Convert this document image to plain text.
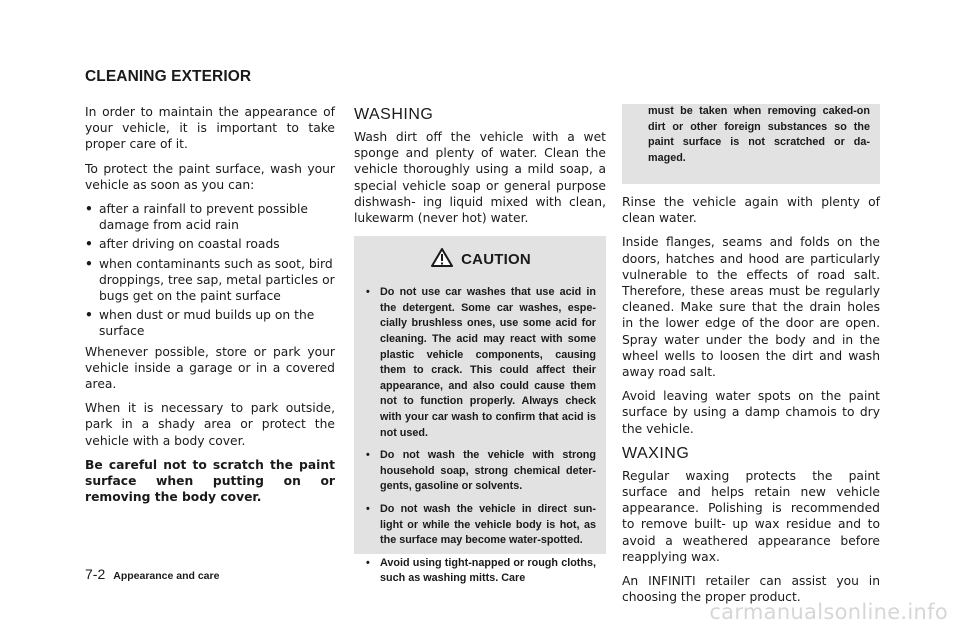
CLEANING EXTERIOR

In order to maintain the appearance of your vehicle, it is important to take proper care of it.

To protect the paint surface, wash your vehicle as soon as you can:

• after a rainfall to prevent possible damage from acid rain
• after driving on coastal roads
• when contaminants such as soot, bird droppings, tree sap, metal particles or bugs get on the paint surface
• when dust or mud builds up on the surface

Whenever possible, store or park your vehicle inside a garage or in a covered area.

When it is necessary to park outside, park in a shady area or protect the vehicle with a body cover.

Be careful not to scratch the paint surface when putting on or removing the body cover.

WASHING

Wash dirt off the vehicle with a wet sponge and plenty of water. Clean the vehicle thoroughly using a mild soap, a special vehicle soap or general purpose dishwash- ing liquid mixed with clean, lukewarm (never hot) water.

CAUTION
• Do not use car washes that use acid in the detergent. Some car washes, espe- cially brushless ones, use some acid for cleaning. The acid may react with some plastic vehicle components, causing them to crack. This could affect their appearance, and also could cause them not to function properly. Always check with your car wash to confirm that acid is not used.
• Do not wash the vehicle with strong household soap, strong chemical deter- gents, gasoline or solvents.
• Do not wash the vehicle in direct sun- light or while the vehicle body is hot, as the surface may become water-spotted.
• Avoid using tight-napped or rough cloths, such as washing mitts. Care
must be taken when removing caked-on dirt or other foreign substances so the paint surface is not scratched or da- maged.

Rinse the vehicle again with plenty of clean water.

Inside flanges, seams and folds on the doors, hatches and hood are particularly vulnerable to the effects of road salt. Therefore, these areas must be regularly cleaned. Make sure that the drain holes in the lower edge of the door are open. Spray water under the body and in the wheel wells to loosen the dirt and wash away road salt.

Avoid leaving water spots on the paint surface by using a damp chamois to dry the vehicle.

WAXING

Regular waxing protects the paint surface and helps retain new vehicle appearance. Polishing is recommended to remove built- up wax residue and to avoid a weathered appearance before reapplying wax.

An INFINITI retailer can assist you in choosing the proper product.

7-2 Appearance and care
carmanualsonline.info
